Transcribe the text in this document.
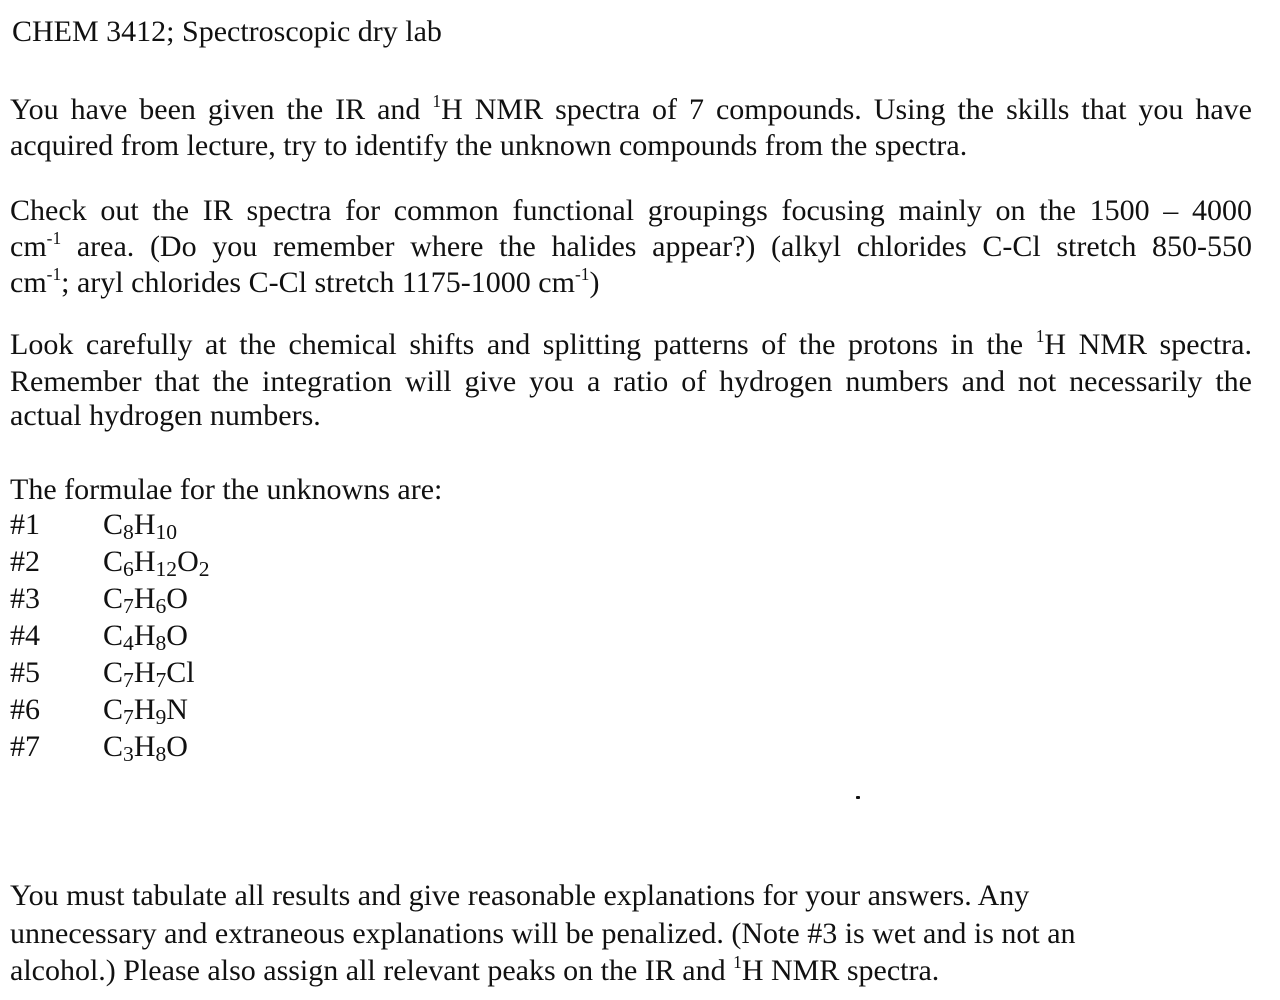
CHEM 3412; Spectroscopic dry lab
You have been given the IR and $^1$H NMR spectra of 7 compounds. Using the skills that you have
acquired from lecture, try to identify the unknown compounds from the spectra.
Check out the IR spectra for common functional groupings focusing mainly on the 1500 – 4000
$cm^{-1}$ area. (Do you remember where the halides appear?) (alkyl chlorides C-Cl stretch 850-550
$cm^{-1}$; aryl chlorides C-Cl stretch 1175-1000 $cm^{-1}$)
Look carefully at the chemical shifts and splitting patterns of the protons in the $^1$H NMR spectra.
Remember that the integration will give you a ratio of hydrogen numbers and not necessarily the
actual hydrogen numbers.
The formulae for the unknowns are:
#1 $C_8H_{10}$
#2 $C_6H_{12}O_2$
#3 $C_7H_6O$
#4 $C_4H_8O$
#5 $C_7H_7Cl$
#6 $C_7H_9N$
#7 $C_3H_8O$
You must tabulate all results and give reasonable explanations for your answers. Any
unnecessary and extraneous explanations will be penalized. (Note #3 is wet and is not an
alcohol.) Please also assign all relevant peaks on the IR and $^1$H NMR spectra.
